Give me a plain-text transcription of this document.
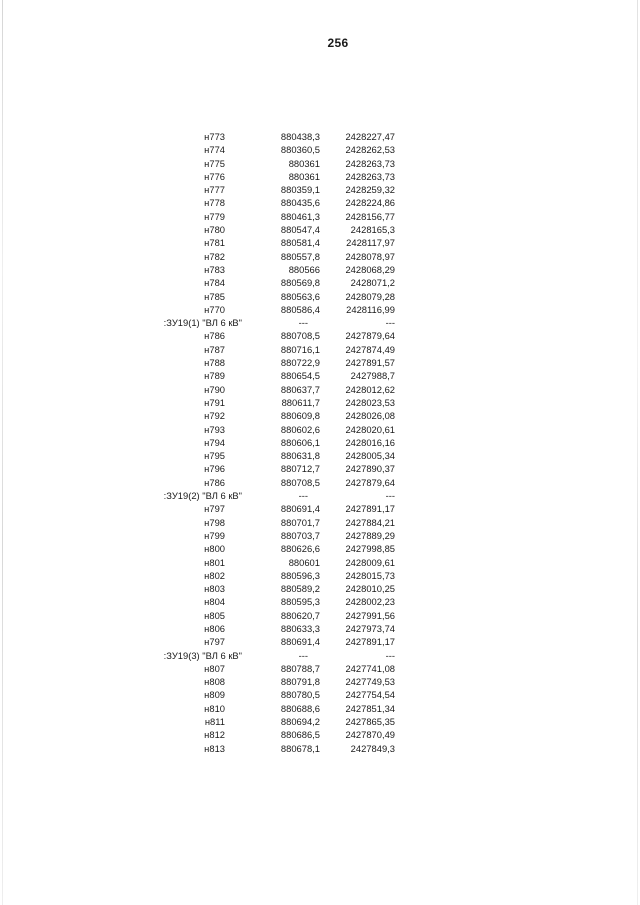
256
н773	880438,3	2428227,47
н774	880360,5	2428262,53
н775	880361	2428263,73
н776	880361	2428263,73
н777	880359,1	2428259,32
н778	880435,6	2428224,86
н779	880461,3	2428156,77
н780	880547,4	2428165,3
н781	880581,4	2428117,97
н782	880557,8	2428078,97
н783	880566	2428068,29
н784	880569,8	2428071,2
н785	880563,6	2428079,28
н770	880586,4	2428116,99
:ЗУ19(1) "ВЛ 6 кВ"	---	---
н786	880708,5	2427879,64
н787	880716,1	2427874,49
н788	880722,9	2427891,57
н789	880654,5	2427988,7
н790	880637,7	2428012,62
н791	880611,7	2428023,53
н792	880609,8	2428026,08
н793	880602,6	2428020,61
н794	880606,1	2428016,16
н795	880631,8	2428005,34
н796	880712,7	2427890,37
н786	880708,5	2427879,64
:ЗУ19(2) "ВЛ 6 кВ"	---	---
н797	880691,4	2427891,17
н798	880701,7	2427884,21
н799	880703,7	2427889,29
н800	880626,6	2427998,85
н801	880601	2428009,61
н802	880596,3	2428015,73
н803	880589,2	2428010,25
н804	880595,3	2428002,23
н805	880620,7	2427991,56
н806	880633,3	2427973,74
н797	880691,4	2427891,17
:ЗУ19(3) "ВЛ 6 кВ"	---	---
н807	880788,7	2427741,08
н808	880791,8	2427749,53
н809	880780,5	2427754,54
н810	880688,6	2427851,34
н811	880694,2	2427865,35
н812	880686,5	2427870,49
н813	880678,1	2427849,3
